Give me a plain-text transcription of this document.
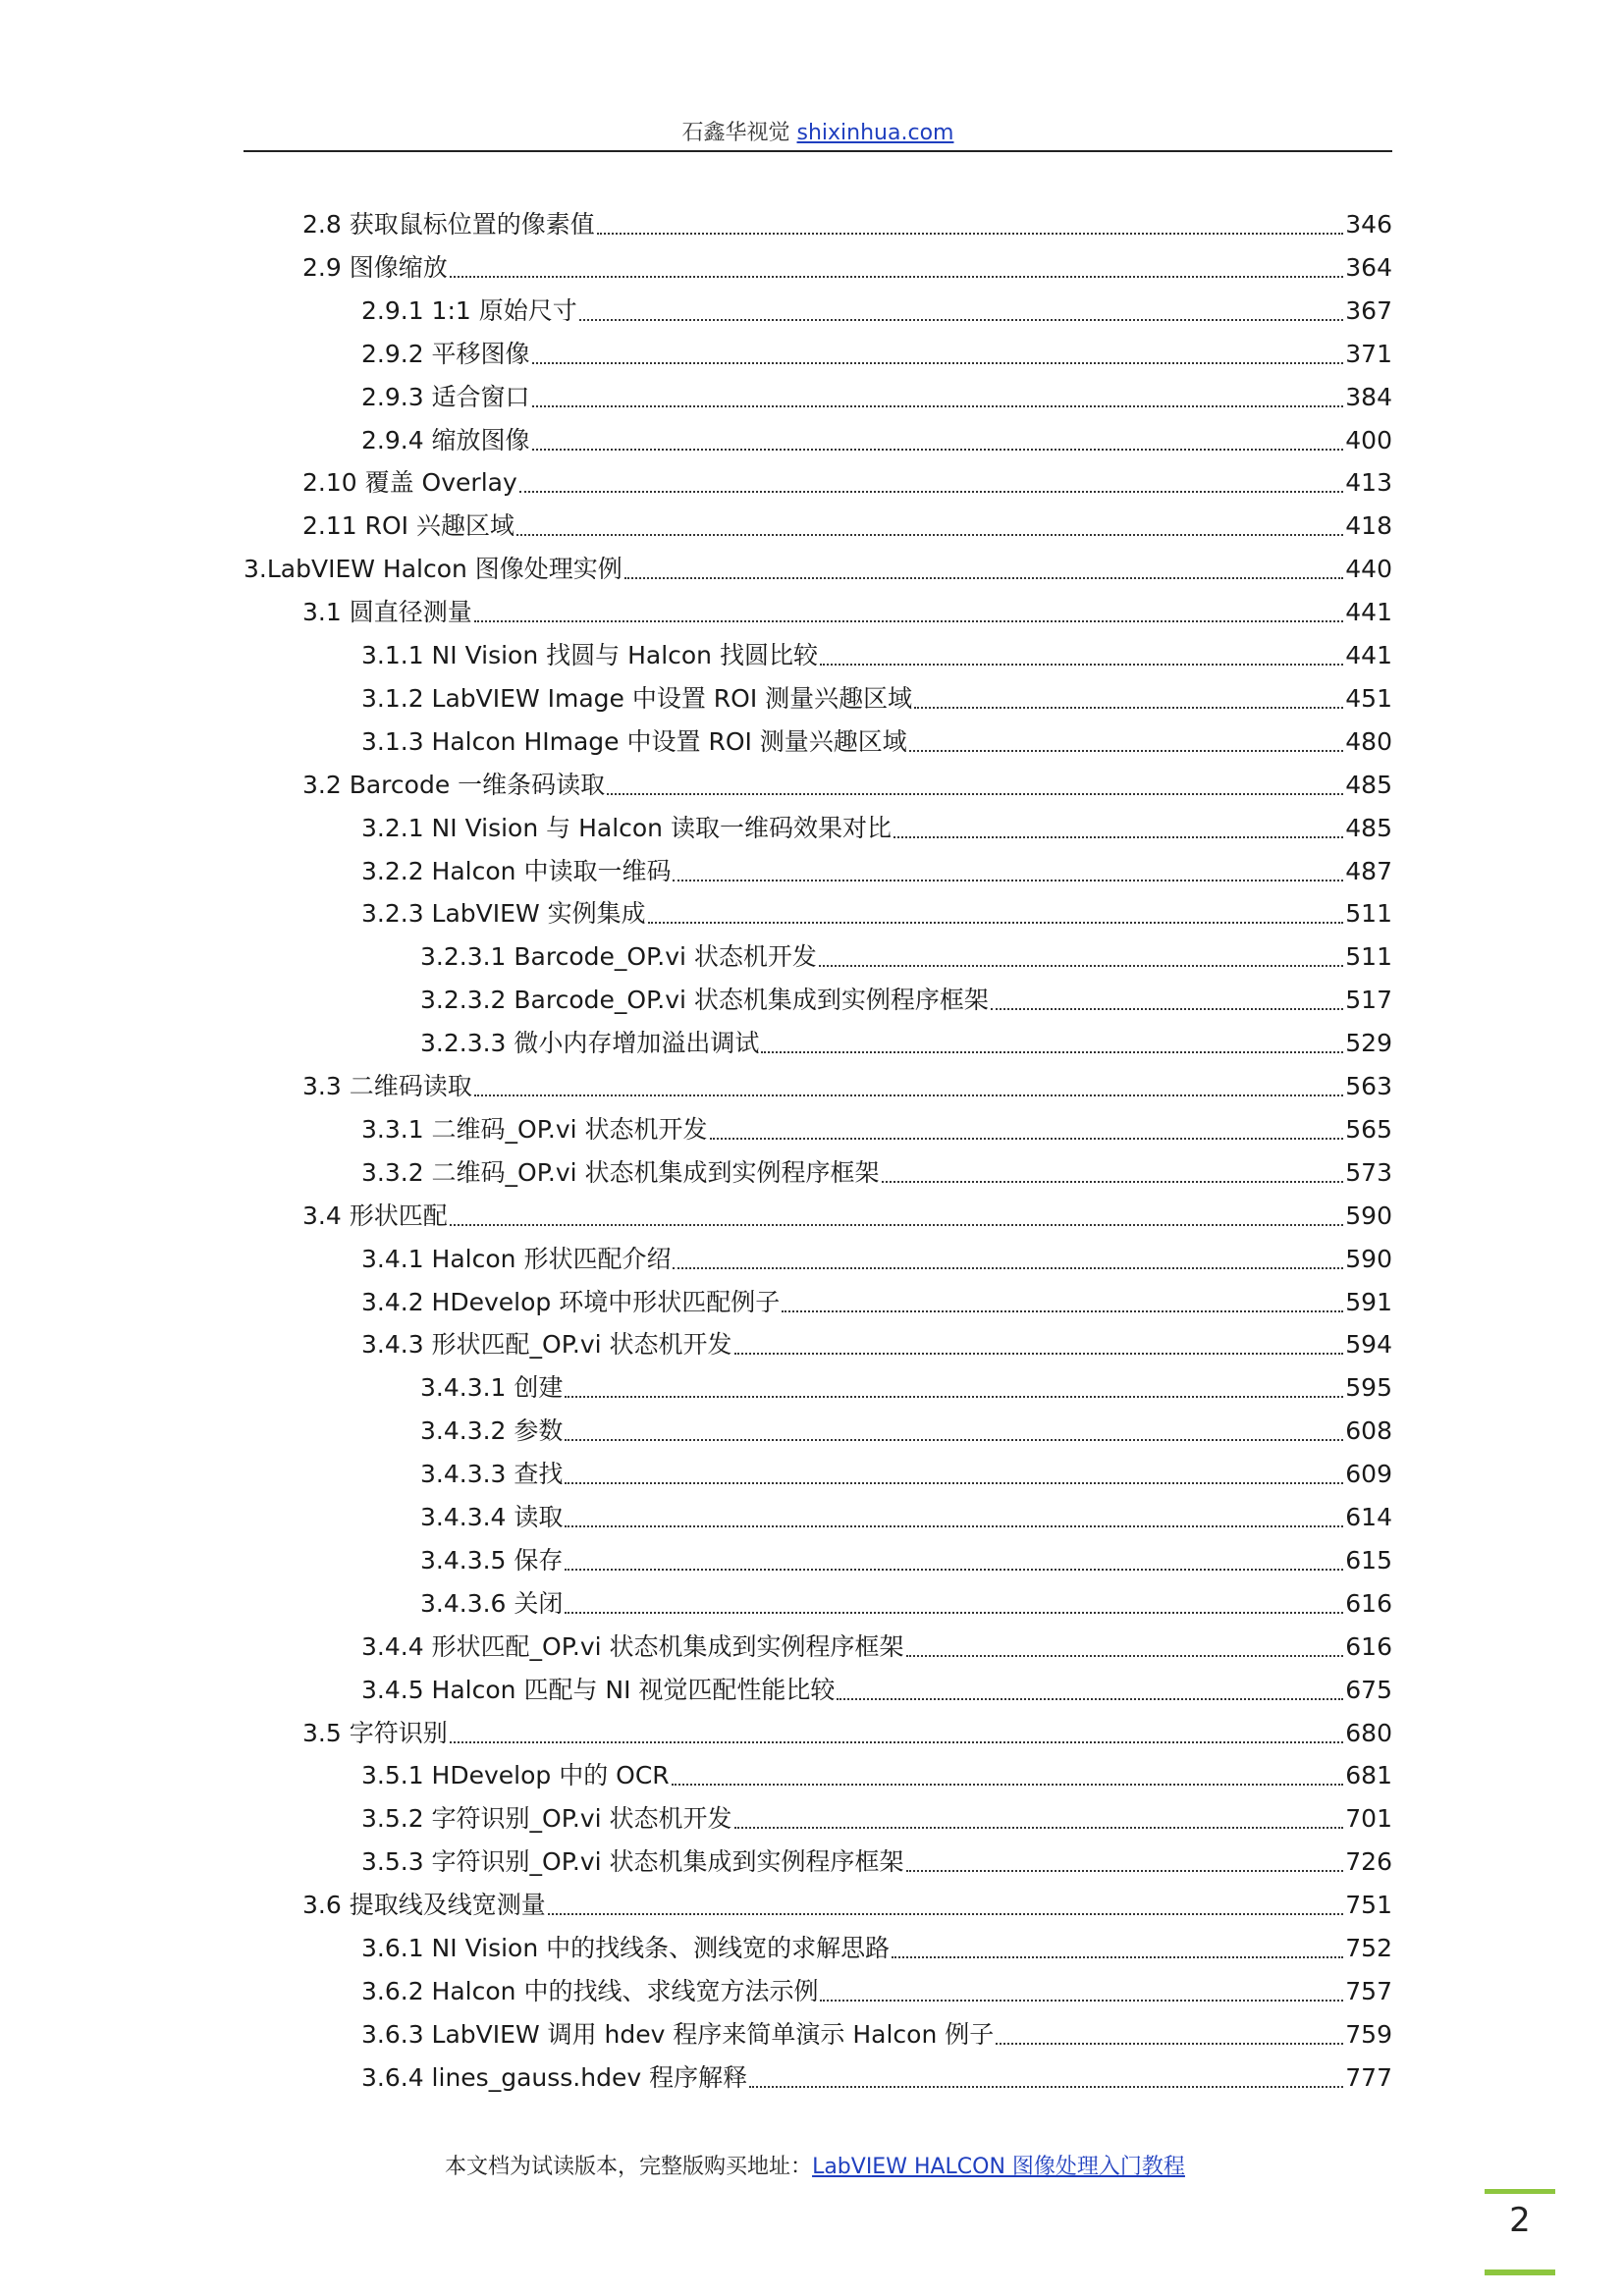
石鑫华视觉 shixinhua.com
2.8 获取鼠标位置的像素值	346
2.9 图像缩放	364
2.9.1 1:1 原始尺寸	367
2.9.2 平移图像	371
2.9.3 适合窗口	384
2.9.4 缩放图像	400
2.10 覆盖 Overlay	413
2.11 ROI 兴趣区域	418
3.LabVIEW Halcon 图像处理实例	440
3.1 圆直径测量	441
3.1.1 NI Vision 找圆与 Halcon 找圆比较	441
3.1.2 LabVIEW Image 中设置 ROI 测量兴趣区域	451
3.1.3 Halcon HImage 中设置 ROI 测量兴趣区域	480
3.2 Barcode 一维条码读取	485
3.2.1 NI Vision 与 Halcon 读取一维码效果对比	485
3.2.2 Halcon 中读取一维码	487
3.2.3 LabVIEW 实例集成	511
3.2.3.1 Barcode_OP.vi 状态机开发	511
3.2.3.2 Barcode_OP.vi 状态机集成到实例程序框架	517
3.2.3.3 微小内存增加溢出调试	529
3.3 二维码读取	563
3.3.1 二维码_OP.vi 状态机开发	565
3.3.2 二维码_OP.vi 状态机集成到实例程序框架	573
3.4 形状匹配	590
3.4.1 Halcon 形状匹配介绍	590
3.4.2 HDevelop 环境中形状匹配例子	591
3.4.3 形状匹配_OP.vi 状态机开发	594
3.4.3.1 创建	595
3.4.3.2 参数	608
3.4.3.3 查找	609
3.4.3.4 读取	614
3.4.3.5 保存	615
3.4.3.6 关闭	616
3.4.4 形状匹配_OP.vi 状态机集成到实例程序框架	616
3.4.5 Halcon 匹配与 NI 视觉匹配性能比较	675
3.5 字符识别	680
3.5.1 HDevelop 中的 OCR	681
3.5.2 字符识别_OP.vi 状态机开发	701
3.5.3 字符识别_OP.vi 状态机集成到实例程序框架	726
3.6 提取线及线宽测量	751
3.6.1 NI Vision 中的找线条、测线宽的求解思路	752
3.6.2 Halcon 中的找线、求线宽方法示例	757
3.6.3 LabVIEW 调用 hdev 程序来简单演示 Halcon 例子	759
3.6.4 lines_gauss.hdev 程序解释	777
本文档为试读版本，完整版购买地址：LabVIEW HALCON 图像处理入门教程
2
